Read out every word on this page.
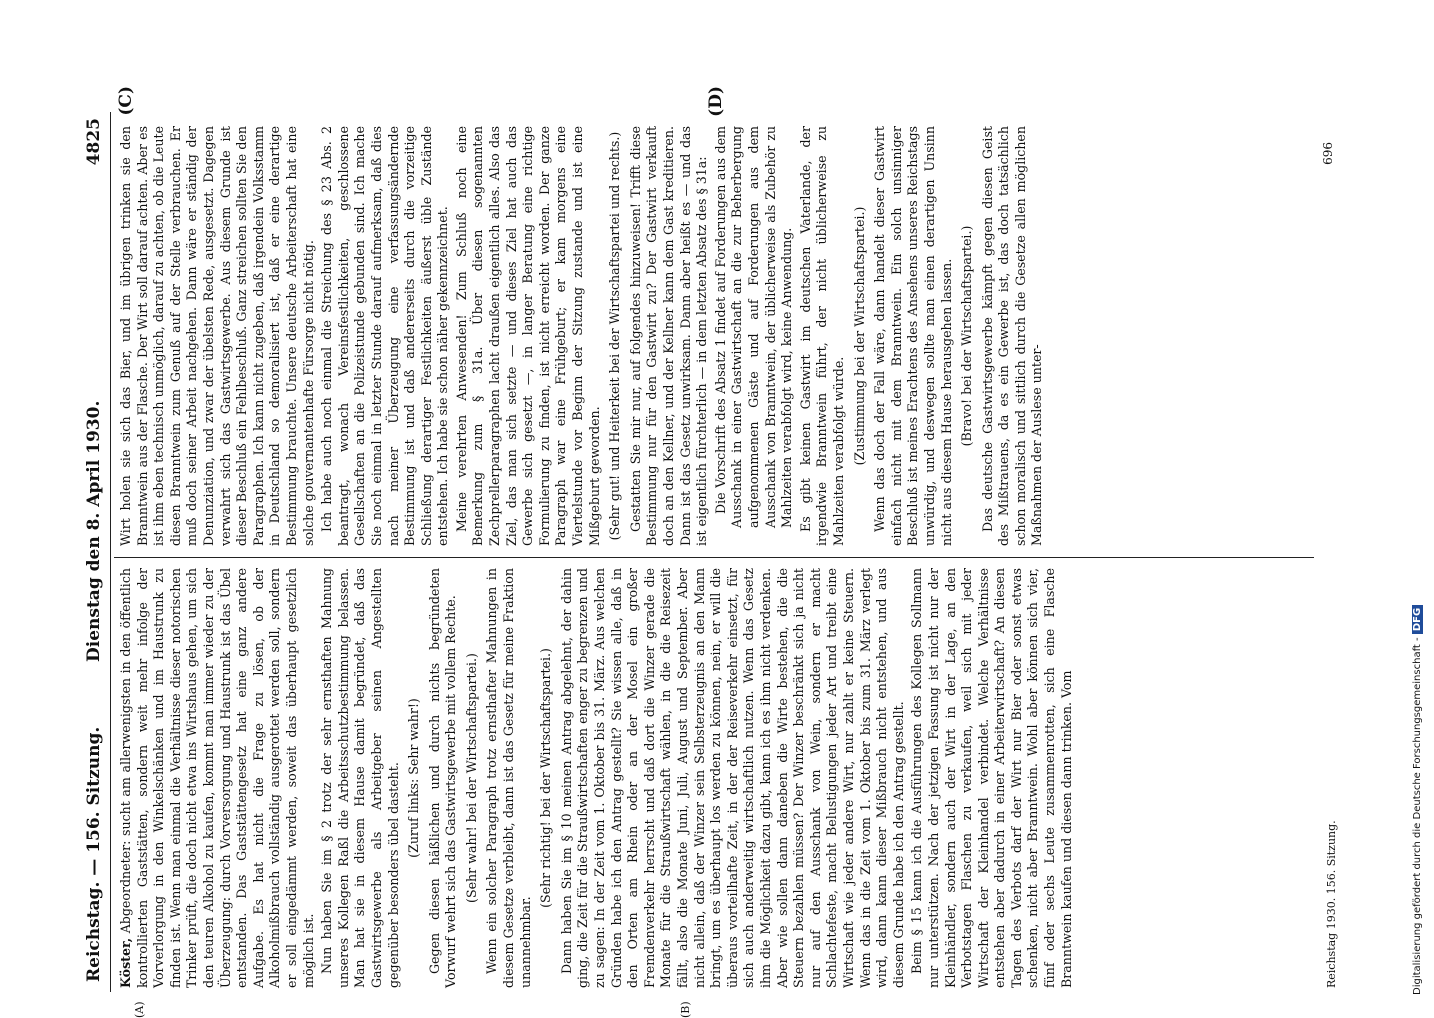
Reichstag. — 156. Sitzung.
Dienstag den 8. April 1930.
4825
(A)	(B)

Köster, Abgeordneter: sucht am allerwenigsten in den öffentlich kontrollierten Gaststätten, sondern weit mehr infolge der Vorverlorgung in den Winkelschänken und im Haustrunk zu finden ist. Wenn man einmal die Verhältnisse dieser notorischen Trinker prüft, die doch nicht etwa ins Wirtshaus gehen, um sich den teuren Alkohol zu kaufen, kommt man immer wieder zu der Überzeugung: durch Vorversorgung und Haustrunk ist das Übel entstanden. Das Gaststättengesetz hat eine ganz andere Aufgabe. Es hat nicht die Frage zu lösen, ob der Alkoholmißbrauch vollständig ausgerottet werden soll, sondern er soll eingedämmt werden, soweit das überhaupt gesetzlich möglich ist. Nun haben Sie im § 2 trotz der sehr ernsthaften Mahnung unseres Kollegen Raßl die Arbeitsschutzbestimmung belassen. Man hat sie in diesem Hause damit begründet, daß das Gastwirtsgewerbe als Arbeitgeber seinen Angestellten gegenüber besonders übel dasteht. (Zuruf links: Sehr wahr!) Gegen diesen häßlichen und durch nichts begründeten Vorwurf wehrt sich das Gastwirtsgewerbe mit vollem Rechte. (Sehr wahr! bei der Wirtschaftspartei.) Wenn ein solcher Paragraph trotz ernsthafter Mahnungen in diesem Gesetze verbleibt, dann ist das Gesetz für meine Fraktion unannehmbar.

(Sehr richtig! bei der Wirtschaftspartei.) Dann haben Sie im § 10 meinen Antrag abgelehnt, der dahin ging, die Zeit für die Straußwirtschaften enger zu begrenzen und zu sagen: In der Zeit vom 1. Oktober bis 31. März. Aus welchen Gründen habe ich den Antrag gestellt? Sie wissen alle, daß in den Orten am Rhein oder an der Mosel ein großer Fremdenverkehr herrscht und daß dort die Winzer gerade die Monate für die Straußwirtschaft wählen, in die die Reisezeit fällt, also die Monate Juni, Juli, August und September. Aber nicht allein, daß der Winzer sein Selbsterzeugnis an den Mann bringt, um es überhaupt los werden zu können, nein, er will die überaus vorteilhafte Zeit, in der der Reiseverkehr einsetzt, für sich auch anderweitig wirtschaftlich nutzen. Wenn das Gesetz ihm die Möglichkeit dazu gibt, kann ich es ihm nicht verdenken. Aber wie sollen dann daneben die Wirte bestehen, die die Steuern bezahlen müssen? Der Winzer beschränkt sich ja nicht nur auf den Ausschank von Wein, sondern er macht Schlachtefeste, macht Belustigungen jeder Art und treibt eine Wirtschaft wie jeder andere Wirt, nur zahlt er keine Steuern. Wenn das in die Zeit vom 1. Oktober bis zum 31. März verlegt wird, dann kann dieser Mißbrauch nicht entstehen, und aus diesem Grunde habe ich den Antrag gestellt. Beim § 15 kann ich die Ausführungen des Kollegen Sollmann nur unterstützen. Nach der jetzigen Fassung ist nicht nur der Kleinhändler, sondern auch der Wirt in der Lage, an den Verbotstagen Flaschen zu verkaufen, weil sich mit jeder Wirtschaft der Kleinhandel verbindet. Welche Verhältnisse entstehen aber dadurch in einer Arbeiterwirtschaft? An diesen Tagen des Verbots darf der Wirt nur Bier oder sonst etwas schenken, nicht aber Branntwein. Wohl aber können sich vier, fünf oder sechs Leute zusammenrotten, sich eine Flasche Branntwein kaufen und diesen dann trinken. Vom

(C)	(D)

Wirt holen sie sich das Bier, und im übrigen trinken sie den Branntwein aus der Flasche. Der Wirt soll darauf achten. Aber es ist ihm eben technisch unmöglich, darauf zu achten, ob die Leute diesen Branntwein zum Genuß auf der Stelle verbrauchen. Er muß doch seiner Arbeit nachgehen. Dann wäre er ständig der Denunziation, und zwar der übelsten Rede, ausgesetzt. Dagegen verwahrt sich das Gastwirtsgewerbe. Aus diesem Grunde ist dieser Beschluß ein Fehlbeschluß. Ganz streichen sollten Sie den Paragraphen. Ich kann nicht zugeben, daß irgendein Volksstamm in Deutschland so demoralisiert ist, daß er eine derartige Bestimmung brauchte. Unsere deutsche Arbeiterschaft hat eine solche gouvernantenhafte Fürsorge nicht nötig. Ich habe auch noch einmal die Streichung des § 23 Abs. 2 beantragt, wonach Vereinsfestlichkeiten, geschlossene Gesellschaften an die Polizeistunde gebunden sind. Ich mache Sie noch einmal in letzter Stunde darauf aufmerksam, daß dies nach meiner Überzeugung eine verfassungsändernde Bestimmung ist und daß andererseits durch die vorzeitige Schließung derartiger Festlichkeiten äußerst üble Zustände entstehen. Ich habe sie schon näher gekennzeichnet. Meine verehrten Anwesenden! Zum Schluß noch eine Bemerkung zum § 31a. Über diesen sogenannten Zechprellerparagraphen lacht draußen eigentlich alles. Also das Ziel, das man sich setzte — und dieses Ziel hat auch das Gewerbe sich gesetzt —, in langer Beratung eine richtige Formulierung zu finden, ist nicht erreicht worden. Der ganze Paragraph war eine Frühgeburt; er kam morgens eine Viertelstunde vor Beginn der Sitzung zustande und ist eine Mißgeburt geworden. (Sehr gut! und Heiterkeit bei der Wirtschaftspartei und rechts.) Gestatten Sie mir nur, auf folgendes hinzuweisen! Trifft diese Bestimmung nur für den Gastwirt zu? Der Gastwirt verkauft doch an den Kellner, und der Kellner kann dem Gast kreditieren. Dann ist das Gesetz unwirksam. Dann aber heißt es — und das ist eigentlich fürchterlich — in dem letzten Absatz des § 31a: Die Vorschrift des Absatz 1 findet auf Forderungen aus dem Ausschank in einer Gastwirtschaft an die zur Beherbergung aufgenommenen Gäste und auf Forderungen aus dem Ausschank von Branntwein, der üblicherweise als Zubehör zu Mahlzeiten verabfolgt wird, keine Anwendung. Es gibt keinen Gastwirt im deutschen Vaterlande, der irgendwie Branntwein führt, der nicht üblicherweise zu Mahlzeiten verabfolgt würde. (Zustimmung bei der Wirtschaftspartei.) Wenn das doch der Fall wäre, dann handelt dieser Gastwirt einfach nicht mit dem Branntwein. Ein solch unsinniger Beschluß ist meines Erachtens des Ansehens unseres Reichstags unwürdig, und deswegen sollte man einen derartigen Unsinn nicht aus diesem Hause herausgehen lassen. (Bravo! bei der Wirtschaftspartei.) Das deutsche Gastwirtsgewerbe kämpft gegen diesen Geist des Mißtrauens, da es ein Gewerbe ist, das doch tatsächlich schon moralisch und sittlich durch die Gesetze allen möglichen Maßnahmen der Auslese unter-

Reichstag 1930. 156. Sitzung.
696
Digitalisierung gefördert durch die Deutsche Forschungsgemeinschaft - DFG
